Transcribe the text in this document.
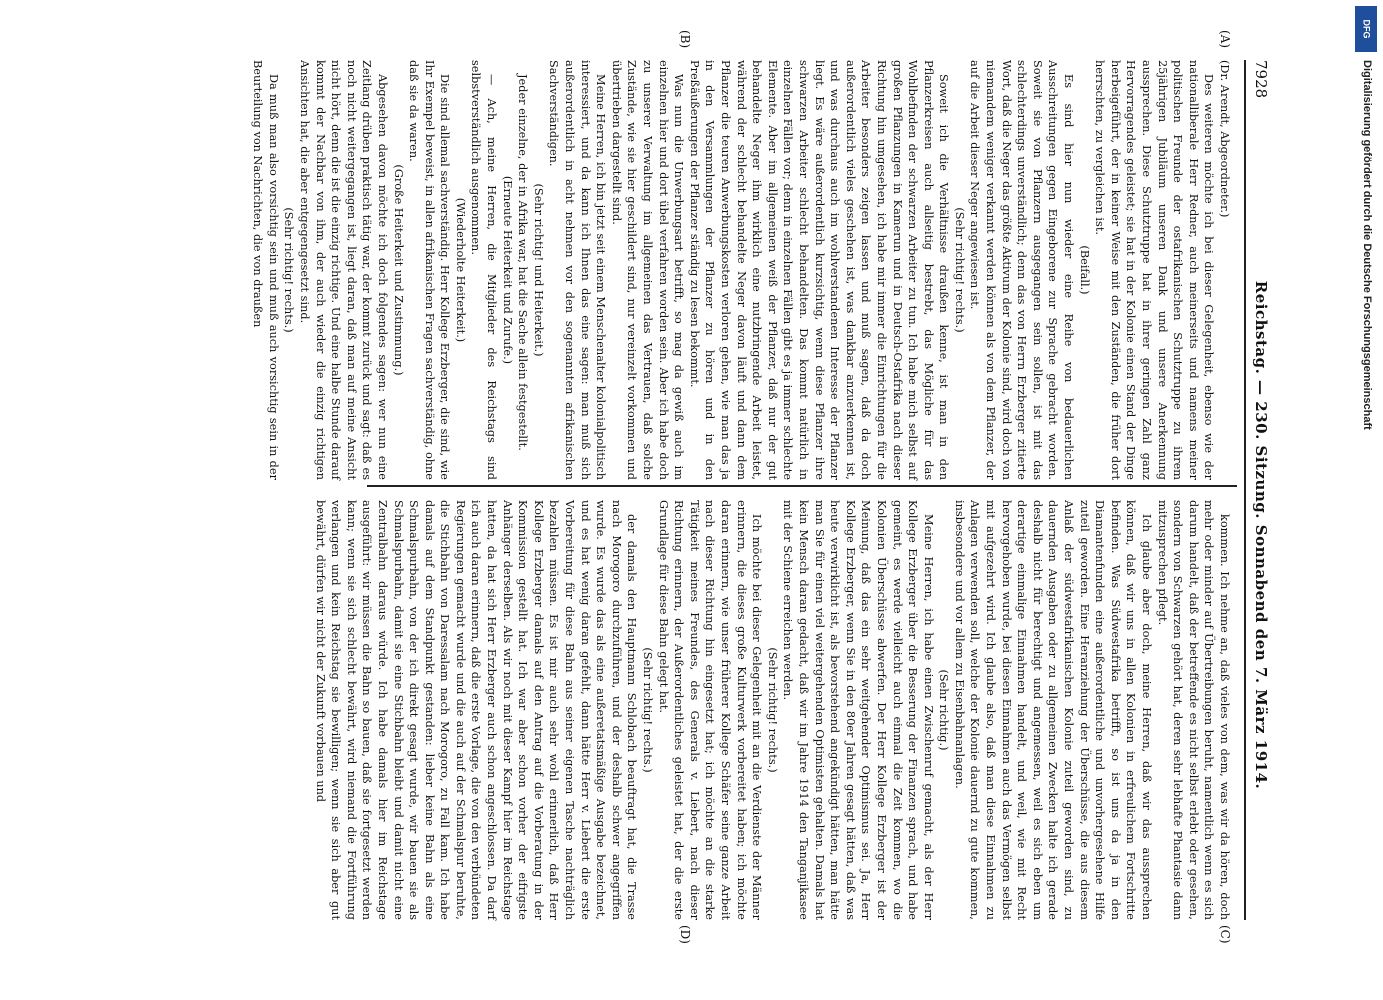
7928
Reichstag. — 230. Sitzung. Sonnabend den 7. März 1914.
(A)
(B)
(C)
(D)

(Dr. Arendt, Abgeordneter.)

Des weiteren möchte ich bei dieser Gelegenheit, ebenso wie der nationalliberale Herr Redner, auch meinerseits und namens meiner politischen Freunde der ostafrikanischen Schutztruppe zu ihrem 25jährigen Jubiläum unseren Dank und unsere Anerkennung aussprechen. Diese Schutztruppe hat in ihrer geringen Zahl ganz Hervorragendes geleistet; sie hat in der Kolonie einen Stand der Dinge herbeigeführt, der in keiner Weise mit den Zuständen, die früher dort herrschten, zu vergleichen ist.

(Beifall.)

Es sind hier nun wieder eine Reihe von bedauerlichen Ausschreitungen gegen Eingeborene zur Sprache gebracht worden. Soweit sie von Pflanzern ausgegangen sein sollen, ist mit das schlechterdings unverständlich; denn das von Herrn Erzberger zitierte Wort, daß die Neger das größte Aktivum der Kolonie sind, wird doch von niemandem weniger verkannt werden können als von dem Pflanzer, der auf die Arbeit dieser Neger angewiesen ist.

(Sehr richtig! rechts.)

Soweit ich die Verhältnisse draußen kenne, ist man in den Pflanzerkreisen auch allseitig bestrebt, das Mögliche für das Wohlbefinden der schwarzen Arbeiter zu tun. Ich habe mich selbst auf großen Pflanzungen in Kamerun und in Deutsch-Ostafrika nach dieser Richtung hin umgesehen, ich habe mir immer die Einrichtungen für die Arbeiter besonders zeigen lassen und muß sagen, daß da doch außerordentlich vieles geschehen ist, was dankbar anzuerkennen ist, und was durchaus auch im wohlverstandenen Interesse der Pflanzer liegt. Es wäre außerordentlich kurzsichtig, wenn diese Pflanzer ihre schwarzen Arbeiter schlecht behandelten. Das kommt natürlich in einzelnen Fällen vor; denn in einzelnen Fällen gibt es ja immer schlechte Elemente. Aber im allgemeinen weiß der Pflanzer, daß nur der gut behandelte Neger ihm wirklich eine nutzbringende Arbeit leistet, während der schlecht behandelte Neger davon läuft und dann dem Pflanzer die teuren Anwerbungskosten verloren gehen, wie man das ja in den Versammlungen der Pflanzer zu hören und in den Preßäußerungen der Pflanzer ständig zu lesen bekommt.

Was nun die Unwerbungsart betrifft, so mag da gewiß auch im einzelnen hier und dort übel verfahren worden sein. Aber ich habe doch zu unserer Verwaltung im allgemeinen das Vertrauen, daß solche Zustände, wie sie hier geschildert sind, nur vereinzelt vorkommen und übertrieben dargestellt sind.

Meine Herren, ich bin jetzt seit einem Menschenalter kolonialpolitisch interessiert, und da kann ich Ihnen das eine sagen: man muß sich außerordentlich in acht nehmen vor den sogenannten afrikanischen Sachverständigen.

(Sehr richtig! und Heiterkeit.)

Jeder einzelne, der in Afrika war, hat die Sache allein festgestellt.

(Erneute Heiterkeit und Zurufe.)

— Ach, meine Herren, die Mitglieder des Reichstags sind selbstverständlich ausgenommen.

(Wiederholte Heiterkeit.)

Die sind allemal sachverständig. Herr Kollege Erzberger, die sind, wie Ihr Exempel beweist, in allen afrikanischen Fragen sachverständig, ohne daß sie da waren.

(Große Heiterkeit und Zustimmung.)

Abgesehen davon möchte ich doch folgendes sagen: wer nun eine Zeitlang drüben praktisch tätig war, der kommt zurück und sagt: daß es noch nicht weitergegangen ist, liegt daran, daß man auf meine Ansicht nicht hört, denn die ist die einzig richtige. Und eine halbe Stunde darauf kommt der Nachbar von ihm, der auch wieder die einzig richtigen Ansichten hat, die aber entgegengesetzt sind.

(Sehr richtig! rechts.)

Da muß man also vorsichtig sein und muß auch vorsichtig sein in der Beurteilung von Nachrichten, die von draußen

kommen. Ich nehme an, daß vieles von dem, was wir da hören, doch mehr oder minder auf Übertreibungen beruht, namentlich wenn es sich darum handelt, daß der betreffende es nicht selbst erlebt oder gesehen, sondern von Schwarzen gehört hat, deren sehr lebhafte Phantasie dann mitzusprechen pflegt.

Ich glaube aber doch, meine Herren, daß wir das aussprechen können, daß wir uns in allen Kolonien in erfreulichem Fortschritte befinden. Was Südwestafrika betrifft, so ist uns da ja in den Diamantenfunden eine außerordentliche und unvorhergesehene Hilfe zuteil geworden. Eine Heranziehung der Überschüsse, die aus diesem Anlaß der südwestafrikanischen Kolonie zuteil geworden sind, zu dauernden Ausgaben oder zu allgemeinen Zwecken halte ich gerade deshalb nicht für berechtigt und angemessen, weil es sich eben um derartige einmalige Einnahmen handelt, und weil, wie mit Recht hervorgehoben wurde, bei diesen Einnahmen auch das Vermögen selbst mit aufgezehrt wird. Ich glaube also, daß man diese Einnahmen zu Anlagen verwenden soll, welche der Kolonie dauernd zu gute kommen, insbesondere und vor allem zu Eisenbahnanlagen.

(Sehr richtig.)

Meine Herren, ich habe einen Zwischenruf gemacht, als der Herr Kollege Erzberger über die Besserung der Finanzen sprach, und habe gemeint, es werde vielleicht auch einmal die Zeit kommen, wo die Kolonien Überschüsse abwerfen. Der Herr Kollege Erzberger ist der Meinung, daß das ein sehr weitgehender Optimismus sei. Ja, Herr Kollege Erzberger, wenn Sie in den 80er Jahren gesagt hätten, daß was heute verwirklicht ist, als bevorstehend angekündigt hätten, man hätte man Sie für einen viel weitergehenden Optimisten gehalten. Damals hat kein Mensch daran gedacht, daß wir im Jahre 1914 den Tanganjikasee mit der Schiene erreichen werden.

(Sehr richtig! rechts.)

Ich möchte bei dieser Gelegenheit mit an die Verdienste der Männer erinnern, die dieses große Kulturwerk vorbereitet haben; ich möchte daran erinnern, wie unser früherer Kollege Schäfer seine ganze Arbeit nach dieser Richtung hin eingesetzt hat; ich möchte an die starke Tätigkeit meines Freundes, des Generals v. Liebert, nach dieser Richtung erinnern, der Außerordentliches geleistet hat, der die erste Grundlage für diese Bahn gelegt hat.

(Sehr richtig! rechts.)

der damals den Hauptmann Schlobach beauftragt hat, die Trasse nach Morogoro durchzuführen, und der deshalb schwer angegriffen wurde. Es wurde das als eine außeretatsmäßige Ausgabe bezeichnet, und es hat wenig daran gefehlt, dann hätte Herr v. Liebert die erste Vorbereitung für diese Bahn aus seiner eigenen Tasche nachträglich bezahlen müssen. Es ist mir auch sehr wohl erinnerlich, daß Herr Kollege Erzberger damals auf den Antrag auf die Vorberatung in der Kommission gestellt hat. Ich war aber schon vorher der eifrigste Anhänger derselben. Als wir noch mit dieser Kampf hier im Reichstage hatten, da hat sich Herr Erzberger auch schon angeschlossen. Da darf ich auch daran erinnern, daß die erste Vorlage, die von den verbündeten Regierungen gemacht wurde und die auch auf der Schmalspur beruhte, die Stichbahn von Daressalam nach Morogoro, zu Fall kam. Ich habe damals auf dem Standpunkt gestanden: lieber keine Bahn als eine Schmalspurbahn, von der ich direkt gesagt wurde, wir bauen sie als Schmalspurbahn, damit sie eine Stichbahn bleibt und damit nicht eine Zentralbahn daraus würde. Ich habe damals hier im Reichstage ausgeführt: wir müssen die Bahn so bauen, daß sie fortgesetzt werden kann; wenn sie sich schlecht bewährt, wird niemand die Fortführung verlangen und kein Reichstag sie bewilligen; wenn sie sich aber gut bewährt, dürfen wir nicht der Zukunft vorbauen und

Digitalisierung gefördert durch die Deutsche Forschungsgemeinschaft
DFG
